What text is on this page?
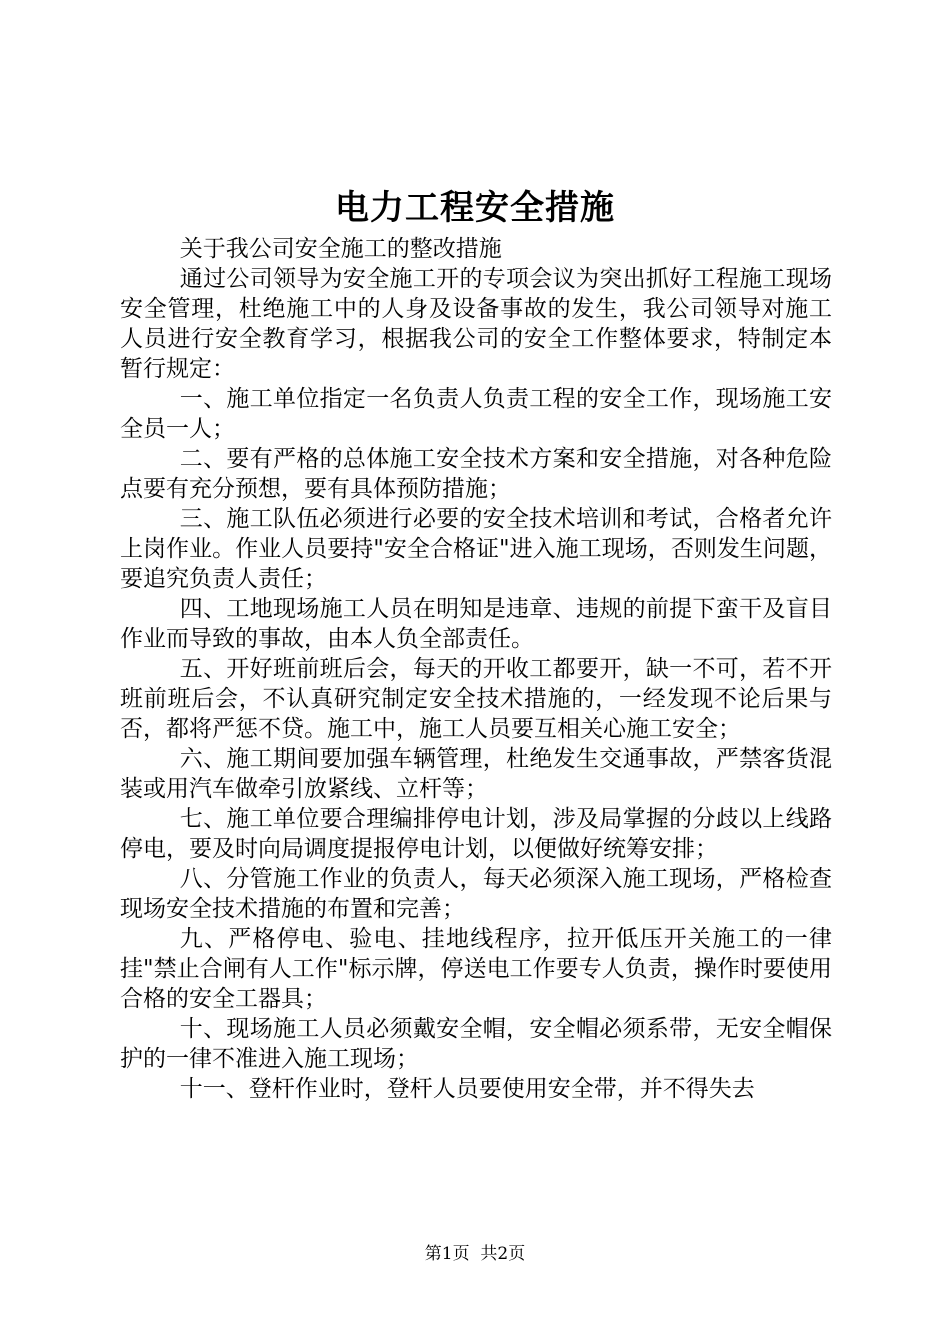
电力工程安全措施

关于我公司安全施工的整改措施

通过公司领导为安全施工开的专项会议为突出抓好工程施工现场安全管理，杜绝施工中的人身及设备事故的发生，我公司领导对施工人员进行安全教育学习，根据我公司的安全工作整体要求，特制定本暂行规定：

一、施工单位指定一名负责人负责工程的安全工作，现场施工安全员一人；

二、要有严格的总体施工安全技术方案和安全措施，对各种危险点要有充分预想，要有具体预防措施；

三、施工队伍必须进行必要的安全技术培训和考试，合格者允许上岗作业。作业人员要持"安全合格证"进入施工现场，否则发生问题，要追究负责人责任；

四、工地现场施工人员在明知是违章、违规的前提下蛮干及盲目作业而导致的事故，由本人负全部责任。

五、开好班前班后会，每天的开收工都要开，缺一不可，若不开班前班后会，不认真研究制定安全技术措施的，一经发现不论后果与否，都将严惩不贷。施工中，施工人员要互相关心施工安全；

六、施工期间要加强车辆管理，杜绝发生交通事故，严禁客货混装或用汽车做牵引放紧线、立杆等；

七、施工单位要合理编排停电计划，涉及局掌握的分歧以上线路停电，要及时向局调度提报停电计划，以便做好统筹安排；

八、分管施工作业的负责人，每天必须深入施工现场，严格检查现场安全技术措施的布置和完善；

九、严格停电、验电、挂地线程序，拉开低压开关施工的一律挂"禁止合闸有人工作"标示牌，停送电工作要专人负责，操作时要使用合格的安全工器具；

十、现场施工人员必须戴安全帽，安全帽必须系带，无安全帽保护的一律不准进入施工现场；

十一、登杆作业时，登杆人员要使用安全带，并不得失去

第1页  共2页
